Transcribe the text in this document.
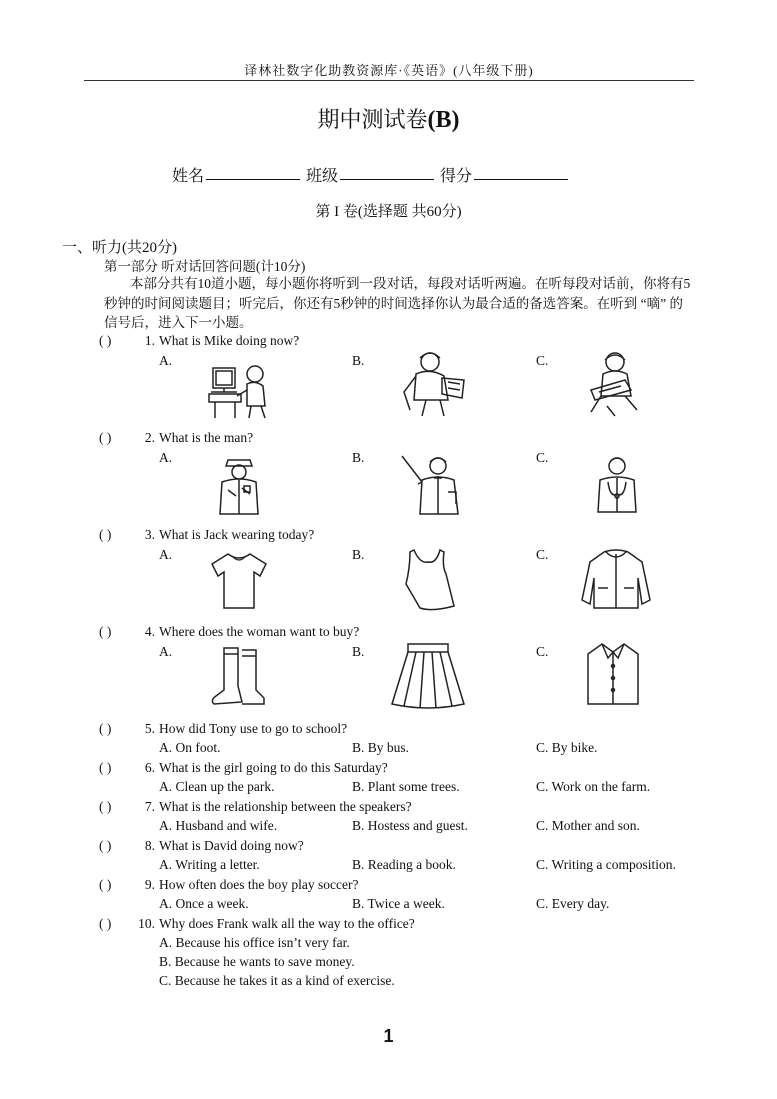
译林社数字化助教资源库·《英语》(八年级下册)
期中测试卷(B)
姓名	班级	得分
第 I 卷(选择题 共60分)
一、听力(共20分)
第一部分 听对话回答问题(计10分)
本部分共有10道小题，每小题你将听到一段对话，每段对话听两遍。在听每段对话前，你将有5秒钟的时间阅读题目；听完后，你还有5秒钟的时间选择你认为最合适的备选答案。在听到 “嘀” 的信号后，进入下一小题。
( ) 1. What is Mike doing now?
A.	B.	C.
( ) 2. What is the man?
A.	B.	C.
( ) 3. What is Jack wearing today?
A.	B.	C.
( ) 4. Where does the woman want to buy?
A.	B.	C.
( ) 5. How did Tony use to go to school?
A. On foot.	B. By bus.	C. By bike.
( ) 6. What is the girl going to do this Saturday?
A. Clean up the park.	B. Plant some trees.	C. Work on the farm.
( ) 7. What is the relationship between the speakers?
A. Husband and wife.	B. Hostess and guest.	C. Mother and son.
( ) 8. What is David doing now?
A. Writing a letter.	B. Reading a book.	C. Writing a composition.
( ) 9. How often does the boy play soccer?
A. Once a week.	B. Twice a week.	C. Every day.
( ) 10. Why does Frank walk all the way to the office?
A. Because his office isn’t very far.
B. Because he wants to save money.
C. Because he takes it as a kind of exercise.
1
